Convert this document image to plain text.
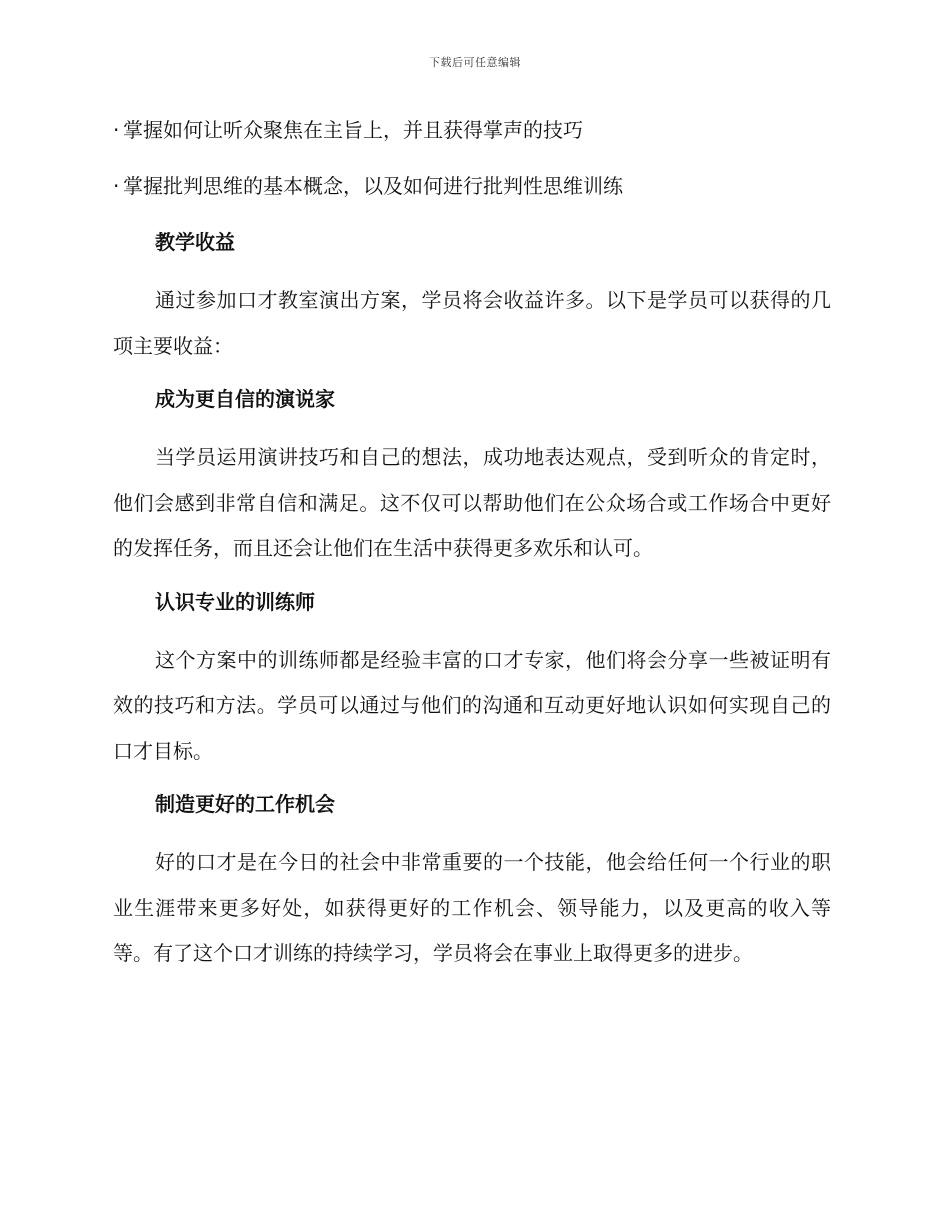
下载后可任意编辑
· 掌握如何让听众聚焦在主旨上，并且获得掌声的技巧
· 掌握批判思维的基本概念，以及如何进行批判性思维训练
教学收益

通过参加口才教室演出方案，学员将会收益许多。以下是学员可以获得的几项主要收益：

成为更自信的演说家

当学员运用演讲技巧和自己的想法，成功地表达观点，受到听众的肯定时，他们会感到非常自信和满足。这不仅可以帮助他们在公众场合或工作场合中更好的发挥任务，而且还会让他们在生活中获得更多欢乐和认可。

认识专业的训练师

这个方案中的训练师都是经验丰富的口才专家，他们将会分享一些被证明有效的技巧和方法。学员可以通过与他们的沟通和互动更好地认识如何实现自己的口才目标。

制造更好的工作机会

好的口才是在今日的社会中非常重要的一个技能，他会给任何一个行业的职业生涯带来更多好处，如获得更好的工作机会、领导能力，以及更高的收入等等。有了这个口才训练的持续学习，学员将会在事业上取得更多的进步。
